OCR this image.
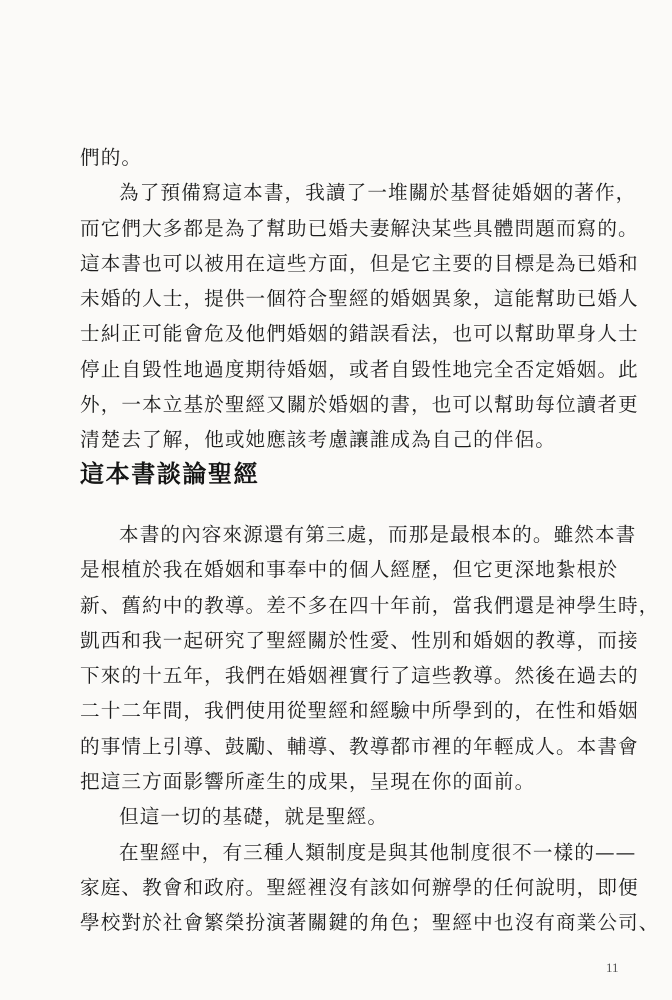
們的。
為了預備寫這本書，我讀了一堆關於基督徒婚姻的著作，
而它們大多都是為了幫助已婚夫妻解決某些具體問題而寫的。
這本書也可以被用在這些方面，但是它主要的目標是為已婚和
未婚的人士，提供一個符合聖經的婚姻異象，這能幫助已婚人
士糾正可能會危及他們婚姻的錯誤看法，也可以幫助單身人士
停止自毀性地過度期待婚姻，或者自毀性地完全否定婚姻。此
外，一本立基於聖經又關於婚姻的書，也可以幫助每位讀者更
清楚去了解，他或她應該考慮讓誰成為自己的伴侶。
這本書談論聖經
本書的內容來源還有第三處，而那是最根本的。雖然本書
是根植於我在婚姻和事奉中的個人經歷，但它更深地紮根於
新、舊約中的教導。差不多在四十年前，當我們還是神學生時，
凱西和我一起研究了聖經關於性愛、性別和婚姻的教導，而接
下來的十五年，我們在婚姻裡實行了這些教導。然後在過去的
二十二年間，我們使用從聖經和經驗中所學到的，在性和婚姻
的事情上引導、鼓勵、輔導、教導都市裡的年輕成人。本書會
把這三方面影響所產生的成果，呈現在你的面前。
但這一切的基礎，就是聖經。
在聖經中，有三種人類制度是與其他制度很不一樣的——
家庭、教會和政府。聖經裡沒有該如何辦學的任何說明，即便
學校對於社會繁榮扮演著關鍵的角色；聖經中也沒有商業公司、
11
